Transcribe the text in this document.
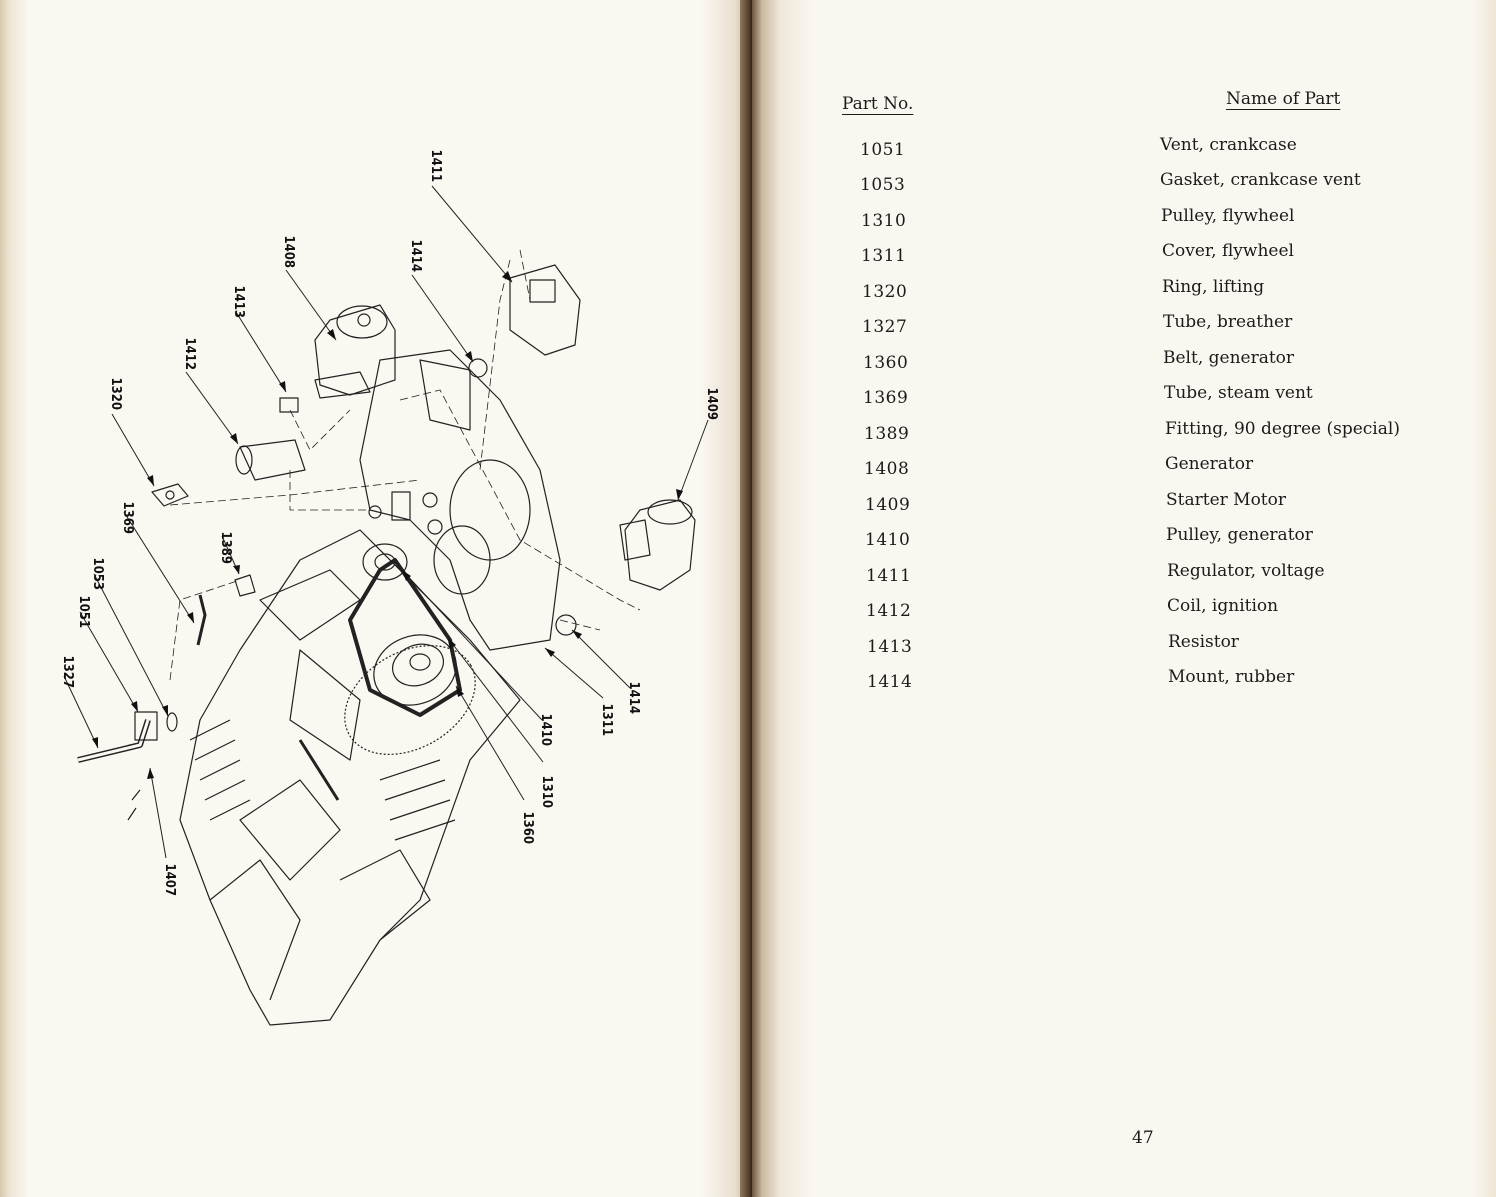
1411
1408	1414
1413
1412
1320	1409
1369
1389
1053
1051
1327
1407
1360
1310
1410	1311
1414
Part No.	Name of Part
1051	Vent, crankcase
1053	Gasket, crankcase vent
1310	Pulley, flywheel
1311	Cover, flywheel
1320	Ring, lifting
1327	Tube, breather
1360	Belt, generator
1369	Tube, steam vent
1389	Fitting, 90 degree (special)
1408	Generator
1409	Starter Motor
1410	Pulley, generator
1411	Regulator, voltage
1412	Coil, ignition
1413	Resistor
1414	Mount, rubber
47
